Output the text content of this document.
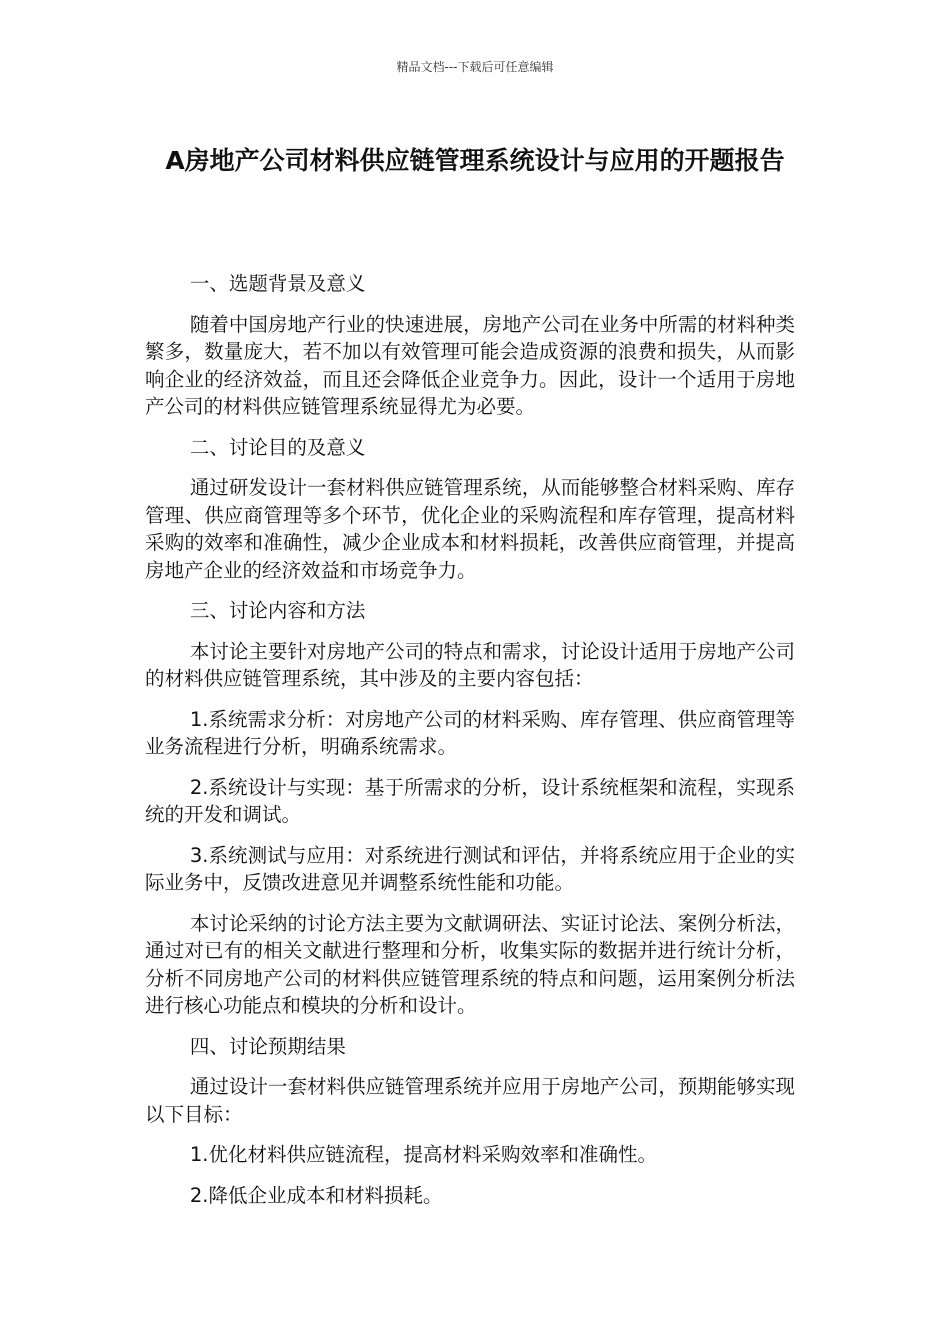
精品文档---下载后可任意编辑
A房地产公司材料供应链管理系统设计与应用的开题报告

一、选题背景及意义

随着中国房地产行业的快速进展，房地产公司在业务中所需的材料种类繁多，数量庞大，若不加以有效管理可能会造成资源的浪费和损失，从而影响企业的经济效益，而且还会降低企业竞争力。因此，设计一个适用于房地产公司的材料供应链管理系统显得尤为必要。

二、讨论目的及意义

通过研发设计一套材料供应链管理系统，从而能够整合材料采购、库存管理、供应商管理等多个环节，优化企业的采购流程和库存管理，提高材料采购的效率和准确性，减少企业成本和材料损耗，改善供应商管理，并提高房地产企业的经济效益和市场竞争力。

三、讨论内容和方法

本讨论主要针对房地产公司的特点和需求，讨论设计适用于房地产公司的材料供应链管理系统，其中涉及的主要内容包括：

1.系统需求分析：对房地产公司的材料采购、库存管理、供应商管理等业务流程进行分析，明确系统需求。

2.系统设计与实现：基于所需求的分析，设计系统框架和流程，实现系统的开发和调试。

3.系统测试与应用：对系统进行测试和评估，并将系统应用于企业的实际业务中，反馈改进意见并调整系统性能和功能。

本讨论采纳的讨论方法主要为文献调研法、实证讨论法、案例分析法，通过对已有的相关文献进行整理和分析，收集实际的数据并进行统计分析，分析不同房地产公司的材料供应链管理系统的特点和问题，运用案例分析法进行核心功能点和模块的分析和设计。

四、讨论预期结果

通过设计一套材料供应链管理系统并应用于房地产公司，预期能够实现以下目标：

1.优化材料供应链流程，提高材料采购效率和准确性。

2.降低企业成本和材料损耗。
